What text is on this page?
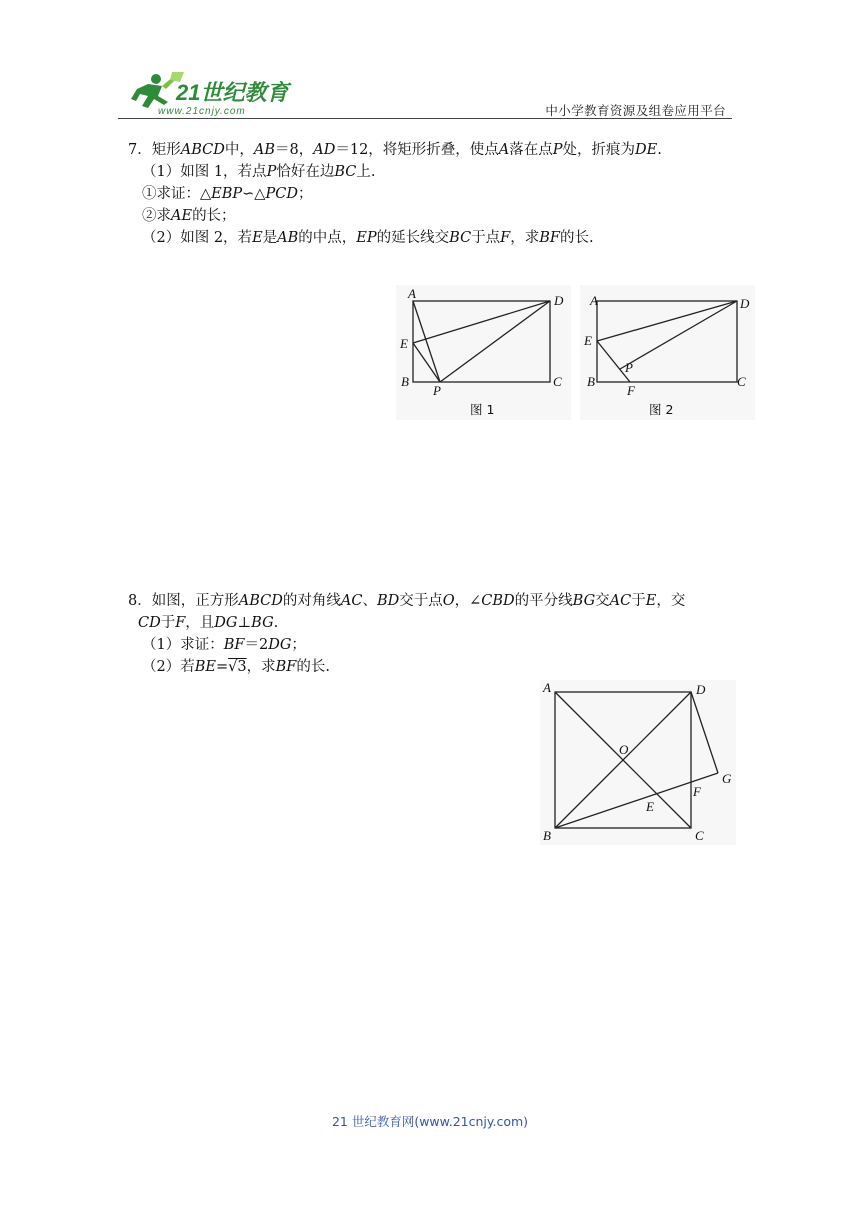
21世纪教育
www.21cnjy.com	中小学教育资源及组卷应用平台
7．矩形ABCD中，AB＝8，AD＝12，将矩形折叠，使点A落在点P处，折痕为DE.
（1）如图 1，若点P恰好在边BC上.
①求证：△EBP∽△PCD；
②求AE的长；
（2）如图 2，若E是AB的中点，EP的延长线交BC于点F，求BF的长.
A	D
E
B
P
C
图 1
A	D
E
B
P
F
C
图 2
8．如图，正方形ABCD的对角线AC、BD交于点O，∠CBD的平分线BG交AC于E，交
CD于F，且DG⊥BG.
（1）求证：BF＝2DG；
（2）若BE=√3，求BF的长.
A	D
O
G
F
E
B	C
21 世纪教育网(www.21cnjy.com)
